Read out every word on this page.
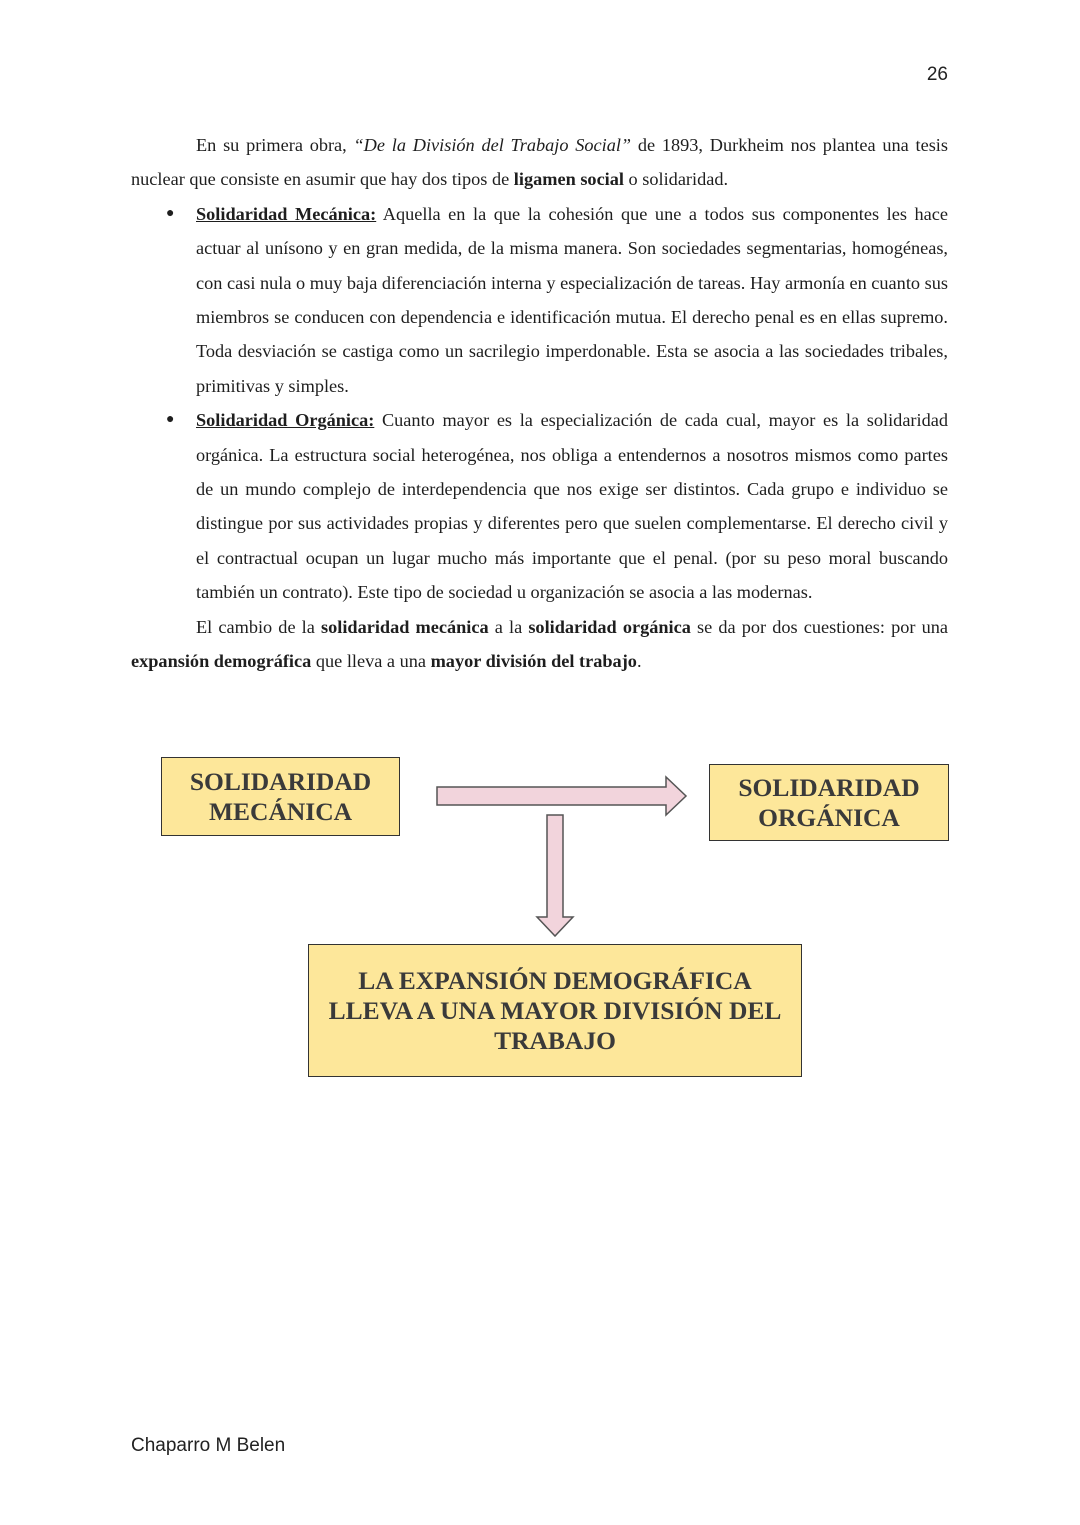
26

En su primera obra, “De la División del Trabajo Social” de 1893, Durkheim nos plantea una tesis nuclear que consiste en asumir que hay dos tipos de ligamen social o solidaridad.

● Solidaridad Mecánica: Aquella en la que la cohesión que une a todos sus componentes les hace actuar al unísono y en gran medida, de la misma manera. Son sociedades segmentarias, homogéneas, con casi nula o muy baja diferenciación interna y especialización de tareas. Hay armonía en cuanto sus miembros se conducen con dependencia e identificación mutua. El derecho penal es en ellas supremo. Toda desviación se castiga como un sacrilegio imperdonable. Esta se asocia a las sociedades tribales, primitivas y simples.
● Solidaridad Orgánica: Cuanto mayor es la especialización de cada cual, mayor es la solidaridad orgánica. La estructura social heterogénea, nos obliga a entendernos a nosotros mismos como partes de un mundo complejo de interdependencia que nos exige ser distintos. Cada grupo e individuo se distingue por sus actividades propias y diferentes pero que suelen complementarse. El derecho civil y el contractual ocupan un lugar mucho más importante que el penal. (por su peso moral buscando también un contrato). Este tipo de sociedad u organización se asocia a las modernas.

El cambio de la solidaridad mecánica a la solidaridad orgánica se da por dos cuestiones: por una expansión demográfica que lleva a una mayor división del trabajo.

SOLIDARIDAD
MECÁNICA
SOLIDARIDAD
ORGÁNICA
LA EXPANSIÓN DEMOGRÁFICA
LLEVA A UNA MAYOR DIVISIÓN DEL
TRABAJO
Chaparro M Belen
